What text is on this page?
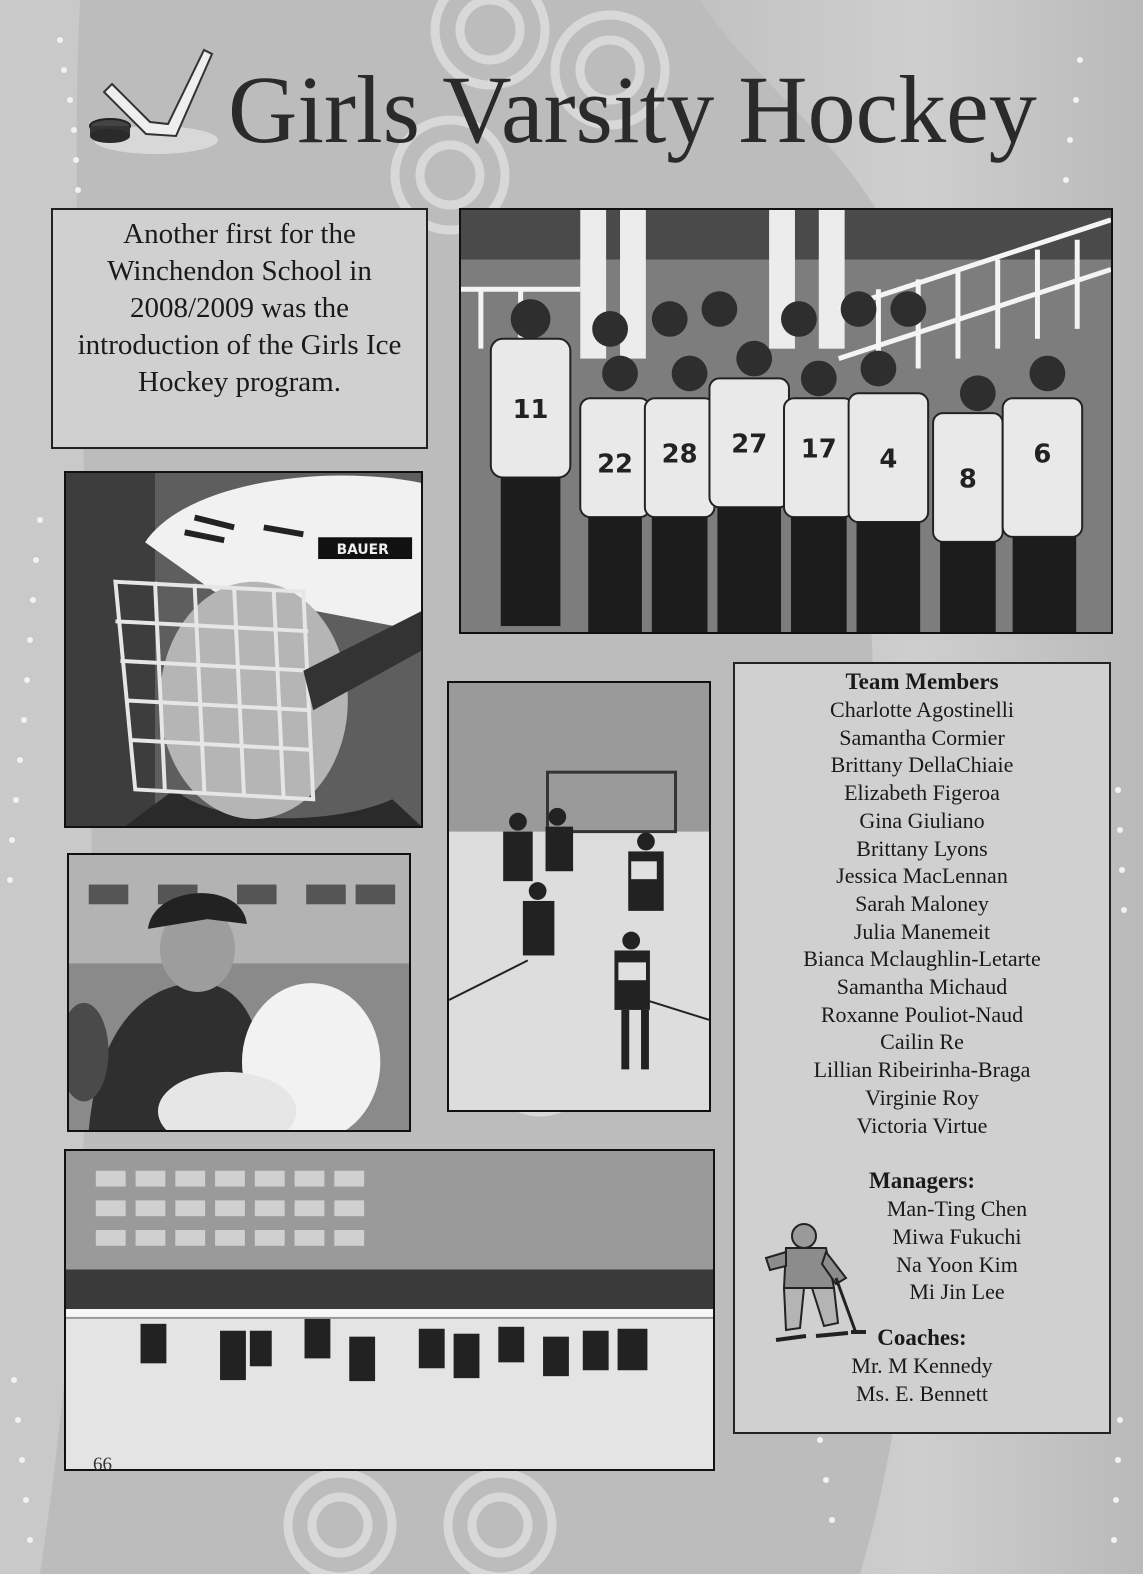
Girls Varsity Hockey
Another first for the Winchendon School in 2008/2009 was the introduction of the Girls Ice Hockey program.
11
22 28 27 17 4
8
6
BAUER
Team Members
Charlotte Agostinelli
Samantha Cormier
Brittany DellaChiaie
Elizabeth Figeroa
Gina Giuliano
Brittany Lyons
Jessica MacLennan
Sarah Maloney
Julia Manemeit
Bianca Mclaughlin-Letarte
Samantha Michaud
Roxanne Pouliot-Naud
Cailin Re
Lillian Ribeirinha-Braga
Virginie Roy
Victoria Virtue
Managers:
Man-Ting Chen
Miwa Fukuchi
Na Yoon Kim
Mi Jin Lee
Coaches:
Mr. M Kennedy
Ms. E. Bennett
66
